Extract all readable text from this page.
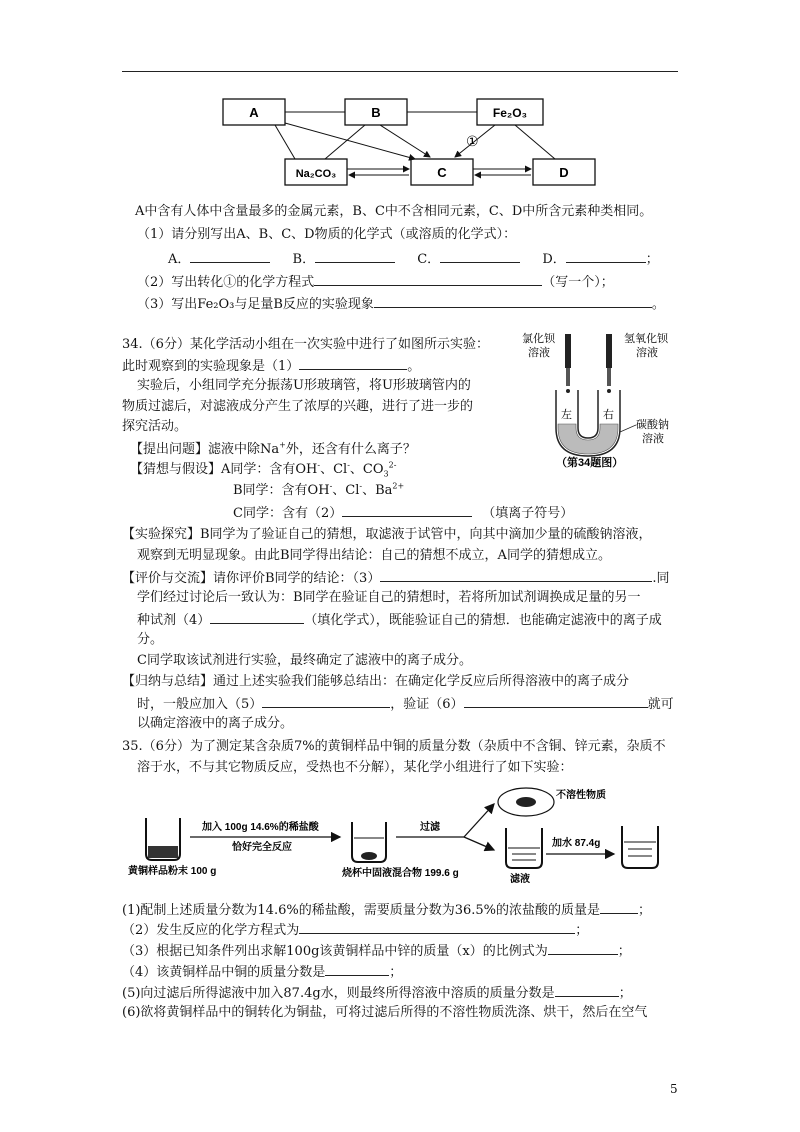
A	B	Fe₂O₃
Na₂CO₃	C	D
①
A中含有人体中含量最多的金属元素，B、C中不含相同元素，C、D中所含元素种类相同。
（1）请分别写出A、B、C、D物质的化学式（或溶质的化学式）：
A．	B．	C．	D．	；
（2）写出转化①的化学方程式	（写一个）；
（3）写出Fe₂O₃与足量B反应的实验现象	。
34.（6分）某化学活动小组在一次实验中进行了如图所示实验：
此时观察到的实验现象是（1）	。
实验后，小组同学充分振荡U形玻璃管，将U形玻璃管内的
物质过滤后，对滤液成分产生了浓厚的兴趣，进行了进一步的
探究活动。
【提出问题】滤液中除Na+外，还含有什么离子？
【猜想与假设】A同学：含有OH-、Cl-、$CO_3^{2-}$
B同学：含有OH-、Cl-、$Ba^{2+}$
C同学：含有（2）	（填离子符号）
氯化钡
溶液
氢氧化钡
溶液
左	右
碳酸钠
溶液
（第34题图）
【实验探究】B同学为了验证自己的猜想，取滤液于试管中，向其中滴加少量的硫酸钠溶液，
观察到无明显现象。由此B同学得出结论：自己的猜想不成立，A同学的猜想成立。
【评价与交流】请你评价B同学的结论：（3）	.同
学们经过讨论后一致认为：B同学在验证自己的猜想时，若将所加试剂调换成足量的另一
种试剂（4）	（填化学式），既能验证自己的猜想．也能确定滤液中的离子成
分。
C同学取该试剂进行实验，最终确定了滤液中的离子成分。
【归纳与总结】通过上述实验我们能够总结出：在确定化学反应后所得溶液中的离子成分
时，一般应加入（5）	，验证（6）	就可
以确定溶液中的离子成分。
35.（6分）为了测定某含杂质7%的黄铜样品中铜的质量分数（杂质中不含铜、锌元素，杂质不
溶于水，不与其它物质反应，受热也不分解），某化学小组进行了如下实验：
黄铜样品粉末 100 g
加入 100g 14.6%的稀盐酸
恰好完全反应
烧杯中固液混合物 199.6 g
过滤
不溶性物质
滤液
加水 87.4g
(1)配制上述质量分数为14.6%的稀盐酸，需要质量分数为36.5%的浓盐酸的质量是	；
（2）发生反应的化学方程式为	；
（3）根据已知条件列出求解100g该黄铜样品中锌的质量（x）的比例式为	；
（4）该黄铜样品中铜的质量分数是	；
(5)向过滤后所得滤液中加入87.4g水，则最终所得溶液中溶质的质量分数是	；
(6)欲将黄铜样品中的铜转化为铜盐，可将过滤后所得的不溶性物质洗涤、烘干，然后在空气
5
